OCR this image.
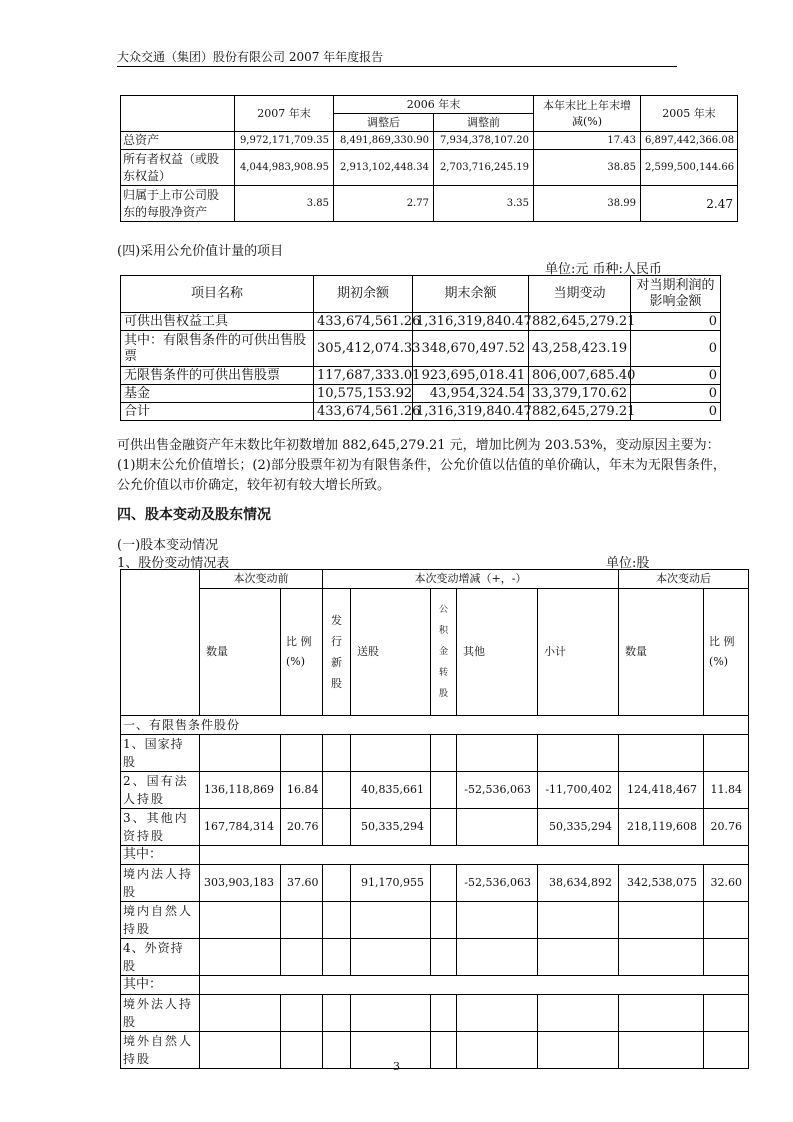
大众交通（集团）股份有限公司 2007 年年度报告
	2007 年末	2006 年末		本年末比上年末增减(%)	2005 年末
		调整后	调整前		
总资产	9,972,171,709.35	8,491,869,330.90	7,934,378,107.20	17.43	6,897,442,366.08
所有者权益（或股东权益）	4,044,983,908.95	2,913,102,448.34	2,703,716,245.19	38.85	2,599,500,144.66
归属于上市公司股东的每股净资产	3.85	2.77	3.35	38.99	2.47
(四)采用公允价值计量的项目
单位:元 币种:人民币
项目名称	期初余额	期末余额	当期变动	对当期利润的影响金额
可供出售权益工具	433,674,561.26	1,316,319,840.47	882,645,279.21	0
其中：有限售条件的可供出售股票	305,412,074.33	348,670,497.52	43,258,423.19	0
无限售条件的可供出售股票	117,687,333.01	923,695,018.41	806,007,685.40	0
基金	10,575,153.92	43,954,324.54	33,379,170.62	0
合计	433,674,561.26	1,316,319,840.47	882,645,279.21	0
可供出售金融资产年末数比年初数增加 882,645,279.21 元，增加比例为 203.53%，变动原因主要为：(1)期末公允价值增长；(2)部分股票年初为有限售条件，公允价值以估值的单价确认，年末为无限售条件，公允价值以市价确定，较年初有较大增长所致。
四、股本变动及股东情况
(一)股本变动情况
1、股份变动情况表	单位:股
	本次变动前		本次变动增减（+，-）					本次变动后	
	数量	比 例 (%)	发行新股	送股	公积金转股	其他	小计	数量	比 例 (%)
一、有限售条件股份									
1、国家持股									
2、国有法人持股	136,118,869	16.84		40,835,661		-52,536,063	-11,700,402	124,418,467	11.84
3、其他内资持股	167,784,314	20.76		50,335,294			50,335,294	218,119,608	20.76
其中：									
境内法人持股	303,903,183	37.60		91,170,955		-52,536,063	38,634,892	342,538,075	32.60
境内自然人持股									
4、外资持股									
其中：									
境外法人持股									
境外自然人持股									
3
